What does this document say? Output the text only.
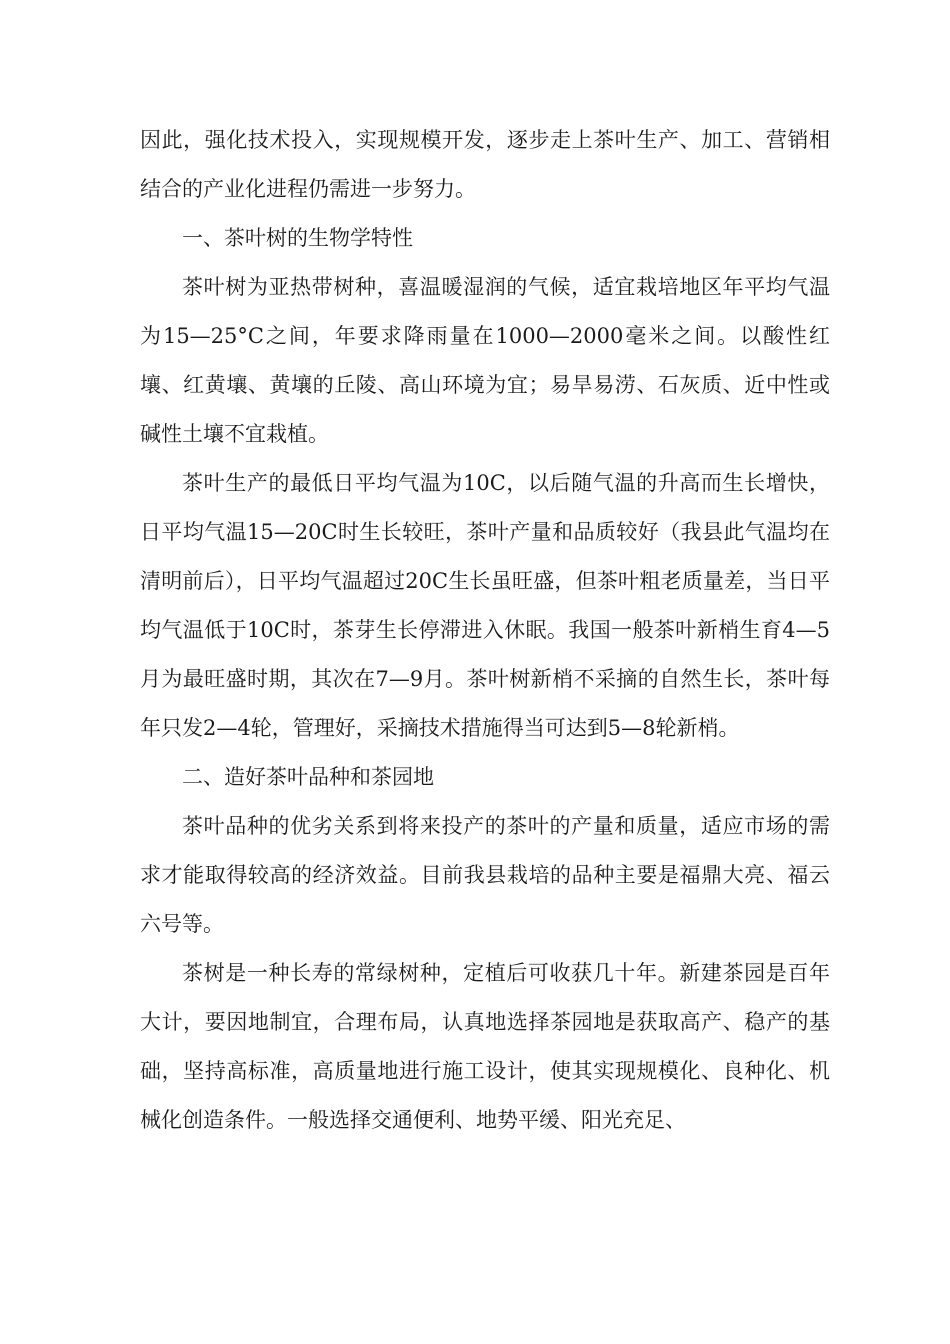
因此，强化技术投入，实现规模开发，逐步走上茶叶生产、加工、营销相结合的产业化进程仍需进一步努力。

一、茶叶树的生物学特性

茶叶树为亚热带树种，喜温暖湿润的气候，适宜栽培地区年平均气温为15—25°C之间，年要求降雨量在1000—2000毫米之间。以酸性红壤、红黄壤、黄壤的丘陵、高山环境为宜；易旱易涝、石灰质、近中性或碱性土壤不宜栽植。

茶叶生产的最低日平均气温为10C，以后随气温的升高而生长增快，日平均气温15—20C时生长较旺，茶叶产量和品质较好（我县此气温均在清明前后），日平均气温超过20C生长虽旺盛，但茶叶粗老质量差，当日平均气温低于10C时，茶芽生长停滞进入休眠。我国一般茶叶新梢生育4—5月为最旺盛时期，其次在7—9月。茶叶树新梢不采摘的自然生长，茶叶每年只发2—4轮，管理好，采摘技术措施得当可达到5—8轮新梢。

二、造好茶叶品种和茶园地

茶叶品种的优劣关系到将来投产的茶叶的产量和质量，适应市场的需求才能取得较高的经济效益。目前我县栽培的品种主要是福鼎大亮、福云六号等。

茶树是一种长寿的常绿树种，定植后可收获几十年。新建茶园是百年大计，要因地制宜，合理布局，认真地选择茶园地是获取高产、稳产的基础，坚持高标准，高质量地进行施工设计，使其实现规模化、良种化、机械化创造条件。一般选择交通便利、地势平缓、阳光充足、
